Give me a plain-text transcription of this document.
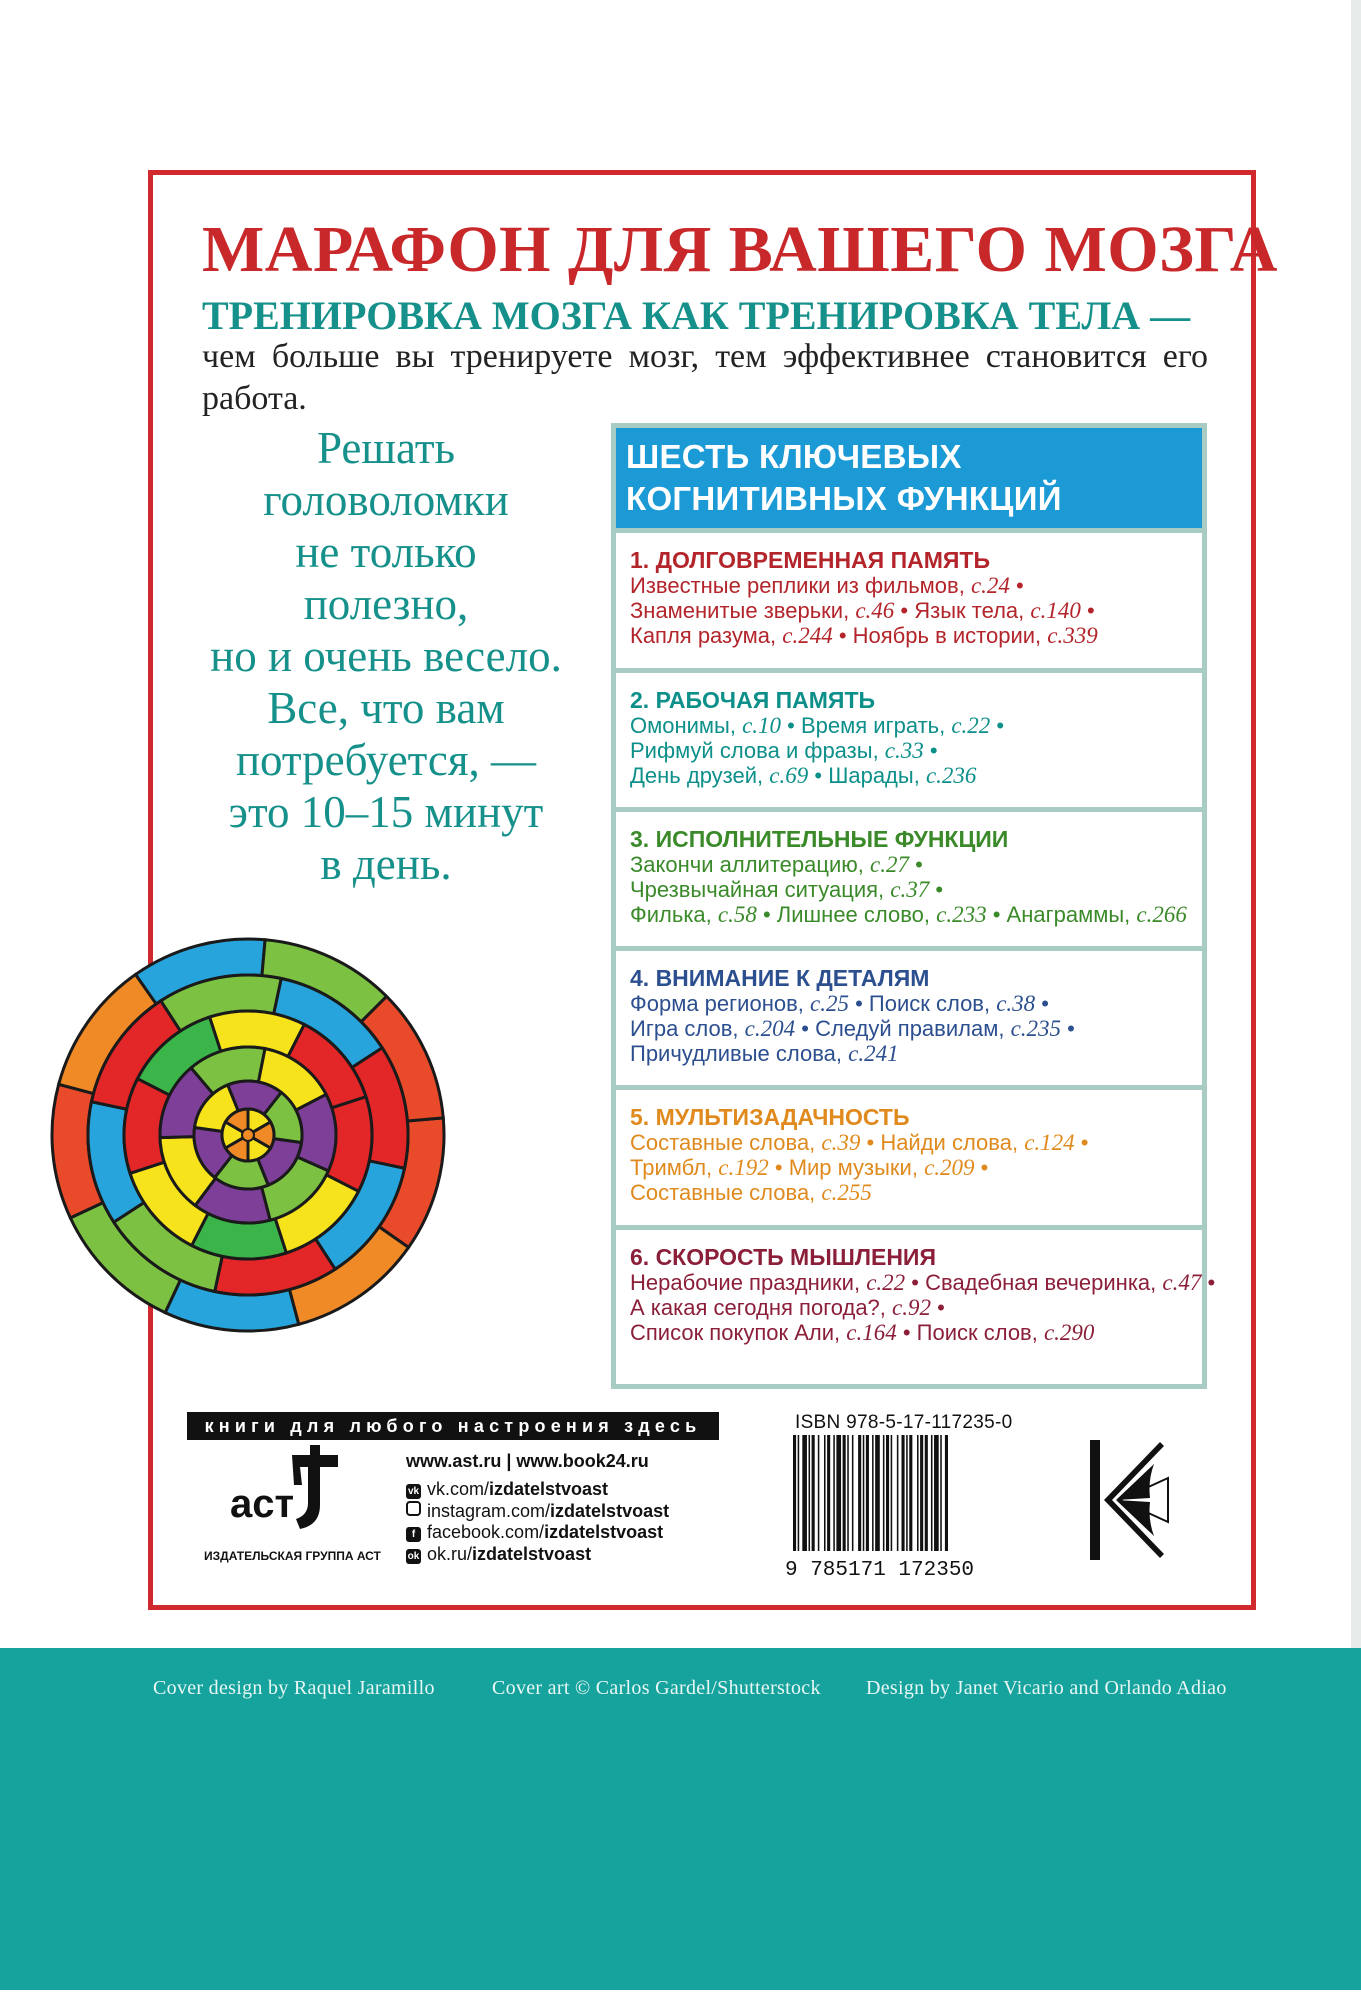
МАРАФОН ДЛЯ ВАШЕГО МОЗГА
ТРЕНИРОВКА МОЗГА КАК ТРЕНИРОВКА ТЕЛА —
чем больше вы тренируете мозг, тем эффективнее становится его работа.
Решать
головоломки
не только
полезно,
но и очень весело.
Все, что вам
потребуется, —
это 10–15 минут
в день.
ШЕСТЬ КЛЮЧЕВЫХ
КОГНИТИВНЫХ ФУНКЦИЙ
1. ДОЛГОВРЕМЕННАЯ ПАМЯТЬ
Известные реплики из фильмов, с.24 •
Знаменитые зверьки, с.46 • Язык тела, с.140 •
Капля разума, с.244 • Ноябрь в истории, с.339
2. РАБОЧАЯ ПАМЯТЬ
Омонимы, с.10 • Время играть, с.22 •
Рифмуй слова и фразы, с.33 •
День друзей, с.69 • Шарады, с.236
3. ИСПОЛНИТЕЛЬНЫЕ ФУНКЦИИ
Закончи аллитерацию, с.27 •
Чрезвычайная ситуация, с.37 •
Филька, с.58 • Лишнее слово, с.233 • Анаграммы, с.266
4. ВНИМАНИЕ К ДЕТАЛЯМ
Форма регионов, с.25 • Поиск слов, с.38 •
Игра слов, с.204 • Следуй правилам, с.235 •
Причудливые слова, с.241
5. МУЛЬТИЗАДАЧНОСТЬ
Составные слова, с.39 • Найди слова, с.124 •
Тримбл, с.192 • Мир музыки, с.209 •
Составные слова, с.255
6. СКОРОСТЬ МЫШЛЕНИЯ
Нерабочие праздники, с.22 • Свадебная вечеринка, с.47 •
А какая сегодня погода?, с.92 •
Список покупок Али, с.164 • Поиск слов, с.290
книги для любого настроения здесь
аст
ИЗДАТЕЛЬСКАЯ ГРУППА АСТ
www.ast.ru | www.book24.ru
vk vk.com/izdatelstvoast
instagram.com/izdatelstvoast
f facebook.com/izdatelstvoast
ok ok.ru/izdatelstvoast
ISBN 978-5-17-117235-0
9 785171 172350
Cover design by Raquel Jaramillo	Cover art © Carlos Gardel/Shutterstock Design by Janet Vicario and Orlando Adiao
